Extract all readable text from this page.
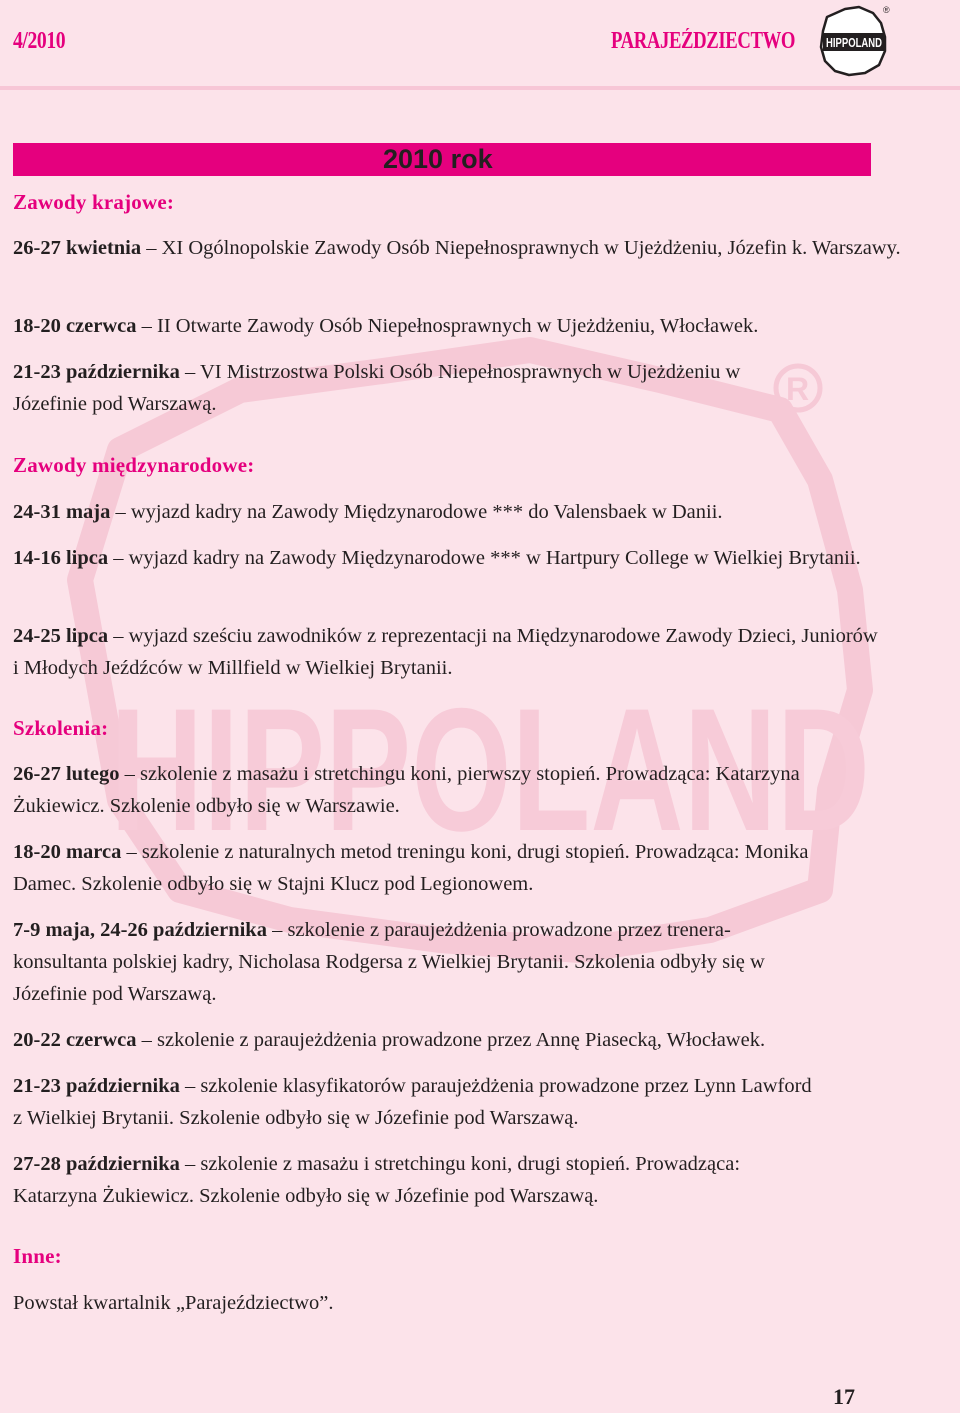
HIPPOLAND
R
4/2010	PARAJEŹDZIECTWO HIPPOLAND
®
2010 rok
Zawody krajowe:
26-27 kwietnia – XI Ogólnopolskie Zawody Osób Niepełnosprawnych w Ujeżdżeniu, Józefin k. Warszawy.
18-20 czerwca – II Otwarte Zawody Osób Niepełnosprawnych w Ujeżdżeniu, Włocławek.
21-23 października – VI Mistrzostwa Polski Osób Niepełnosprawnych w Ujeżdżeniu w Józefinie pod Warszawą.
Zawody międzynarodowe:
24-31 maja – wyjazd kadry na Zawody Międzynarodowe *** do Valensbaek w Danii.
14-16 lipca – wyjazd kadry na Zawody Międzynarodowe *** w Hartpury College w Wielkiej Brytanii.
24-25 lipca – wyjazd sześciu zawodników z reprezentacji na Międzynarodowe Zawody Dzieci, Juniorów i Młodych Jeźdźców w Millfield w Wielkiej Brytanii.
Szkolenia:
26-27 lutego – szkolenie z masażu i stretchingu koni, pierwszy stopień. Prowadząca: Katarzyna Żukiewicz. Szkolenie odbyło się w Warszawie.
18-20 marca – szkolenie z naturalnych metod treningu koni, drugi stopień. Prowadząca: Monika Damec. Szkolenie odbyło się w Stajni Klucz pod Legionowem.
7-9 maja, 24-26 października – szkolenie z paraujeżdżenia prowadzone przez trenera-konsultanta polskiej kadry, Nicholasa Rodgersa z Wielkiej Brytanii. Szkolenia odbyły się w Józefinie pod Warszawą.
20-22 czerwca – szkolenie z paraujeżdżenia prowadzone przez Annę Piasecką, Włocławek.
21-23 października – szkolenie klasyfikatorów paraujeżdżenia prowadzone przez Lynn Lawford z Wielkiej Brytanii. Szkolenie odbyło się w Józefinie pod Warszawą.
27-28 października – szkolenie z masażu i stretchingu koni, drugi stopień. Prowadząca: Katarzyna Żukiewicz. Szkolenie odbyło się w Józefinie pod Warszawą.
Inne:
Powstał kwartalnik „Parajeździectwo”.
17
